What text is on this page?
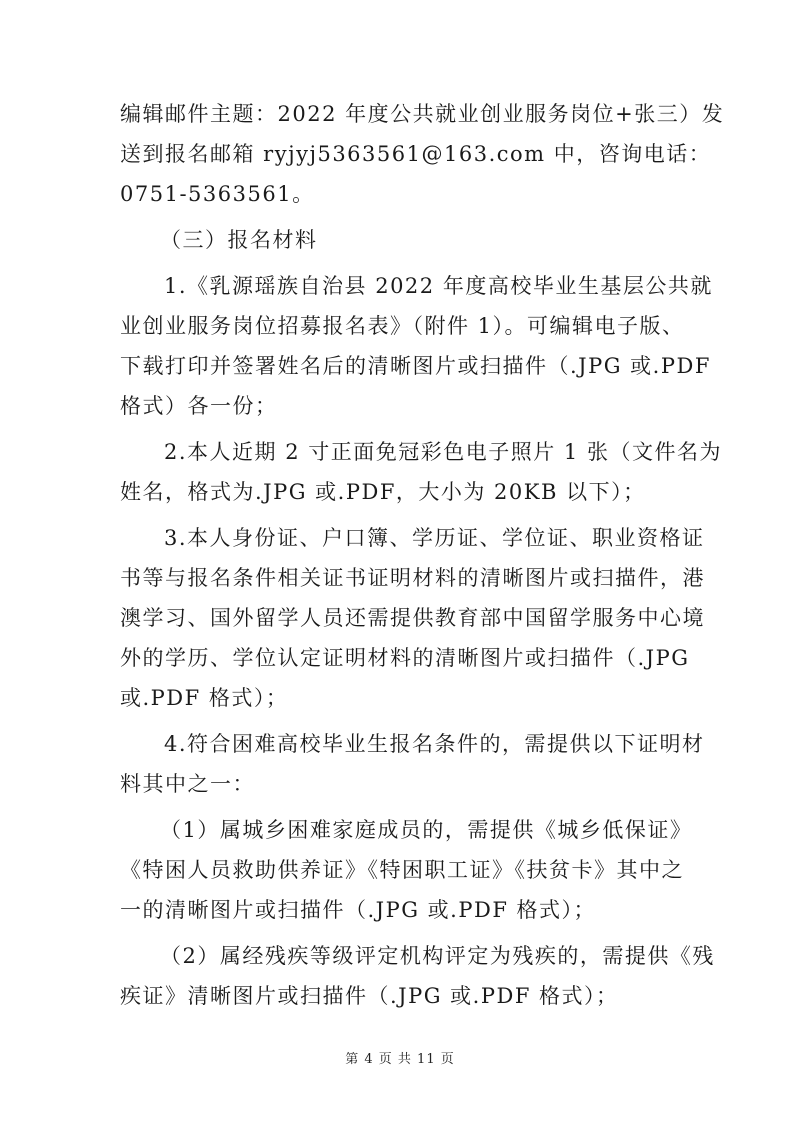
编辑邮件主题：2022 年度公共就业创业服务岗位+张三）发
送到报名邮箱 ryjyj5363561@163.com 中，咨询电话：
0751-5363561。

（三）报名材料

1.《乳源瑶族自治县 2022 年度高校毕业生基层公共就
业创业服务岗位招募报名表》（附件 1）。可编辑电子版、
下载打印并签署姓名后的清晰图片或扫描件（.JPG 或.PDF
格式）各一份；

2.本人近期 2 寸正面免冠彩色电子照片 1 张（文件名为
姓名，格式为.JPG 或.PDF，大小为 20KB 以下）；

3.本人身份证、户口簿、学历证、学位证、职业资格证
书等与报名条件相关证书证明材料的清晰图片或扫描件，港
澳学习、国外留学人员还需提供教育部中国留学服务中心境
外的学历、学位认定证明材料的清晰图片或扫描件（.JPG
或.PDF 格式）；

4.符合困难高校毕业生报名条件的，需提供以下证明材
料其中之一：

（1）属城乡困难家庭成员的，需提供《城乡低保证》
《特困人员救助供养证》《特困职工证》《扶贫卡》其中之
一的清晰图片或扫描件（.JPG 或.PDF 格式）；

（2）属经残疾等级评定机构评定为残疾的，需提供《残
疾证》清晰图片或扫描件（.JPG 或.PDF 格式）；

第 4 页 共 11 页
